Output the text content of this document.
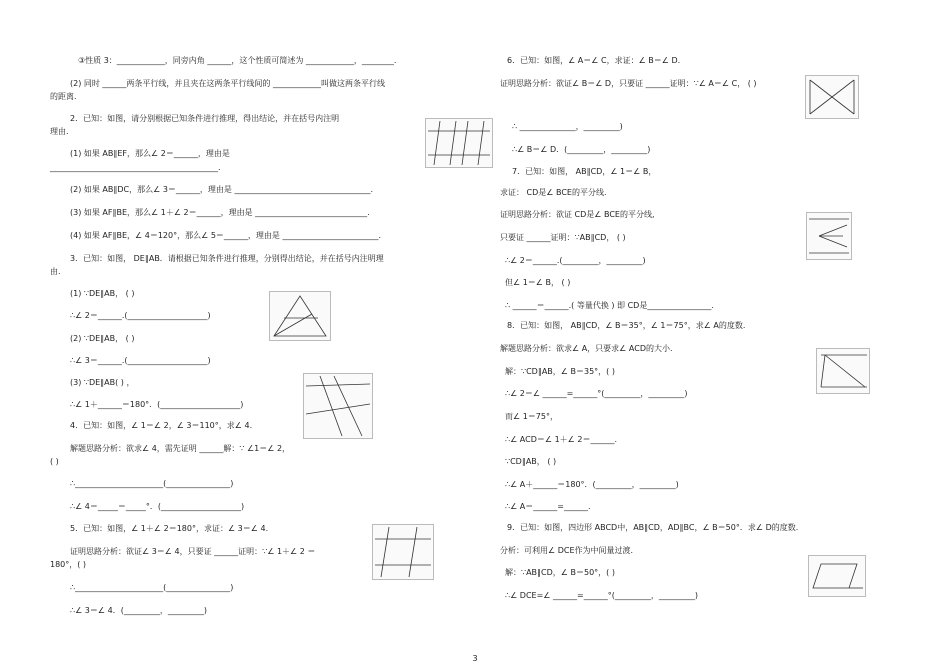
③性质 3：____________，同旁内角 ______，这个性质可简述为 ____________，________.
(2) 同时 ______两条平行线，并且夹在这两条平行线间的 ____________叫做这两条平行线
的距离.
2．已知：如图，请分别根据已知条件进行推理，得出结论，并在括号内注明
理由.
(1) 如果 AB∥EF，那么∠ 2＝______，理由是
__________________________________________.
(2) 如果 AB∥DC，那么∠ 3＝______，理由是 __________________________________.
(3) 如果 AF∥BE，那么∠ 1＋∠ 2＝______，理由是 ____________________________.
(4) 如果 AF∥BE，∠ 4＝120°，那么∠ 5＝______，理由是 ________________________.
3．已知：如图， DE∥AB．请根据已知条件进行推理，分别得出结论，并在括号内注明理
由.
(1) ∵DE∥AB， ( )
∴∠ 2＝______.(____________________)
(2) ∵DE∥AB， ( )
∴∠ 3＝______.(____________________)
(3) ∵DE∥AB( ) ，
∴∠ 1＋______＝180°．(____________________)
4．已知：如图，∠ 1＝∠ 2，∠ 3＝110°，求∠ 4.
解题思路分析：欲求∠ 4，需先证明 ______解：∵ ∠1＝∠ 2，
( )
∴______________________(________________)
∴∠ 4＝_____＝_____°．(____________________)
5．已知：如图，∠ 1＋∠ 2＝180°，求证：∠ 3＝∠ 4.
证明思路分析：欲证∠ 3＝∠ 4，只要证 ______证明：∵∠ 1＋∠ 2 ＝
180°，( )
∴______________________(________________)
∴∠ 3＝∠ 4．(_________，_________)
6．已知：如图，∠ A＝∠ C，求证：∠ B＝∠ D.
证明思路分析：欲证∠ B＝∠ D，只要证 ______证明：∵∠ A＝∠ C， ( )
∴ ______________，_________)
∴∠ B＝∠ D．(_________，_________)
7．已知：如图， AB∥CD，∠ 1＝∠ B，
求证： CD是∠ BCE的平分线.
证明思路分析：欲证 CD是∠ BCE的平分线,
只要证 ______证明：∵AB∥CD， ( )
∴∠ 2＝______.(_________，_________)
但∠ 1＝∠ B， ( )
∴ ______＝______.( 等量代换 ) 即 CD是________________.
8．已知：如图， AB∥CD，∠ B＝35°，∠ 1＝75°，求∠ A的度数.
解题思路分析：欲求∠ A，只要求∠ ACD的大小.
解：∵CD∥AB，∠ B＝35°，( )
∴∠ 2＝∠ ______=______°(_________，_________)
而∠ 1＝75°，
∴∠ ACD＝∠ 1＋∠ 2＝______.
∵CD∥AB， ( )
∴∠ A＋______＝180°．(_________，_________)
∴∠ A＝______=______.
9．已知：如图，四边形 ABCD中，AB∥CD，AD∥BC，∠ B＝50°．求∠ D的度数.
分析：可利用∠ DCE作为中间量过渡.
解：∵AB∥CD，∠ B＝50°，( )
∴∠ DCE=∠ ______=______°(_________，_________)
3
